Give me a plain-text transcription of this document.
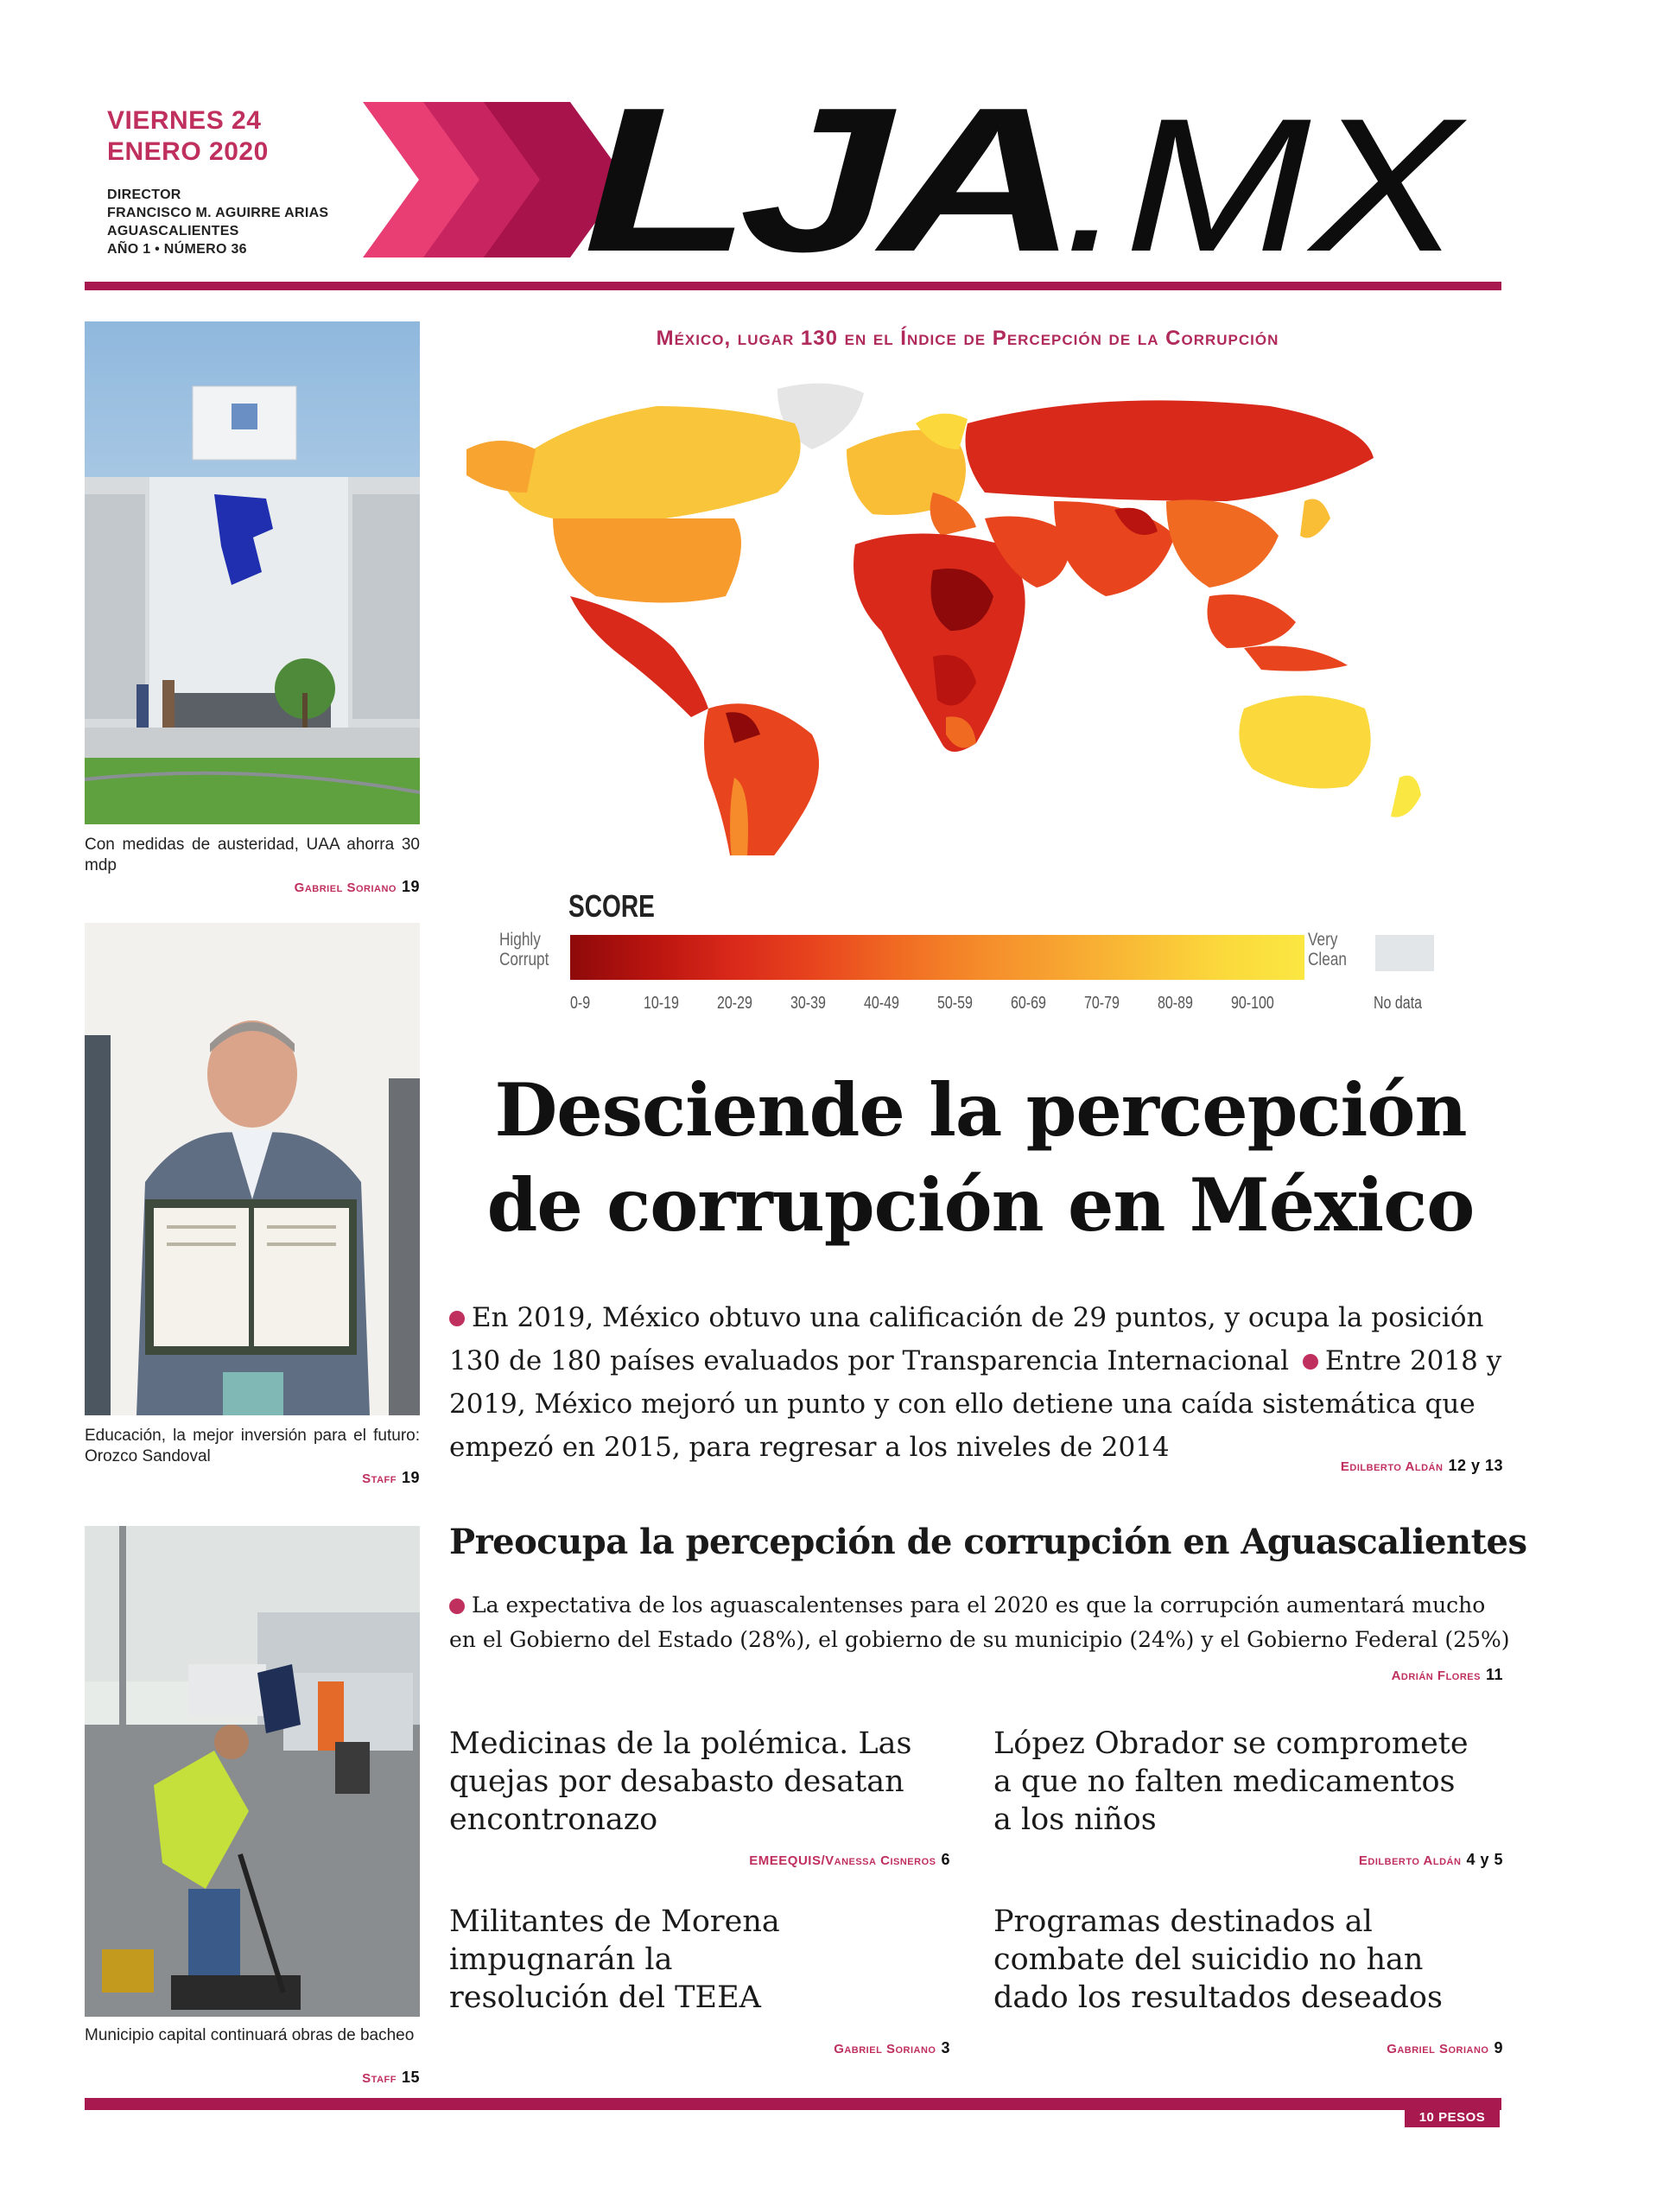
VIERNES 24
ENERO 2020
DIRECTOR
FRANCISCO M. AGUIRRE ARIAS
AGUASCALIENTES
AÑO 1 • NÚMERO 36	LJA
.MX
Con medidas de austeridad, UAA ahorra 30 mdp
Gabriel Soriano 19
Educación, la mejor inversión para el futuro: Orozco Sandoval
Staff 19
Municipio capital continuará obras de bacheo
Staff 15
México, lugar 130 en el Índice de Percepción de la Corrupción
SCORE
Highly Corrupt
Very Clean
0-9	10-19	20-29	30-39	40-49	50-59	60-69	70-79	80-89	90-100	No data
Desciende la percepción
de corrupción en México
En 2019, México obtuvo una calificación de 29 puntos, y ocupa la posición 130 de 180 países evaluados por Transparencia Internacional Entre 2018 y 2019, México mejoró un punto y con ello detiene una caída sistemática que empezó en 2015, para regresar a los niveles de 2014
Edilberto Aldán 12 y 13
Preocupa la percepción de corrupción en Aguascalientes
La expectativa de los aguascalentenses para el 2020 es que la corrupción aumentará mucho en el Gobierno del Estado (28%), el gobierno de su municipio (24%) y el Gobierno Federal (25%)
Adrián Flores 11
Medicinas de la polémica. Las quejas por desabasto desatan encontronazo
EMEEQUIS/Vanessa Cisneros 6
López Obrador se compromete a que no falten medicamentos a los niños
Edilberto Aldán 4 y 5
Militantes de Morena impugnarán la resolución del TEEA
Gabriel Soriano 3
Programas destinados al combate del suicidio no han dado los resultados deseados
Gabriel Soriano 9
10 PESOS
